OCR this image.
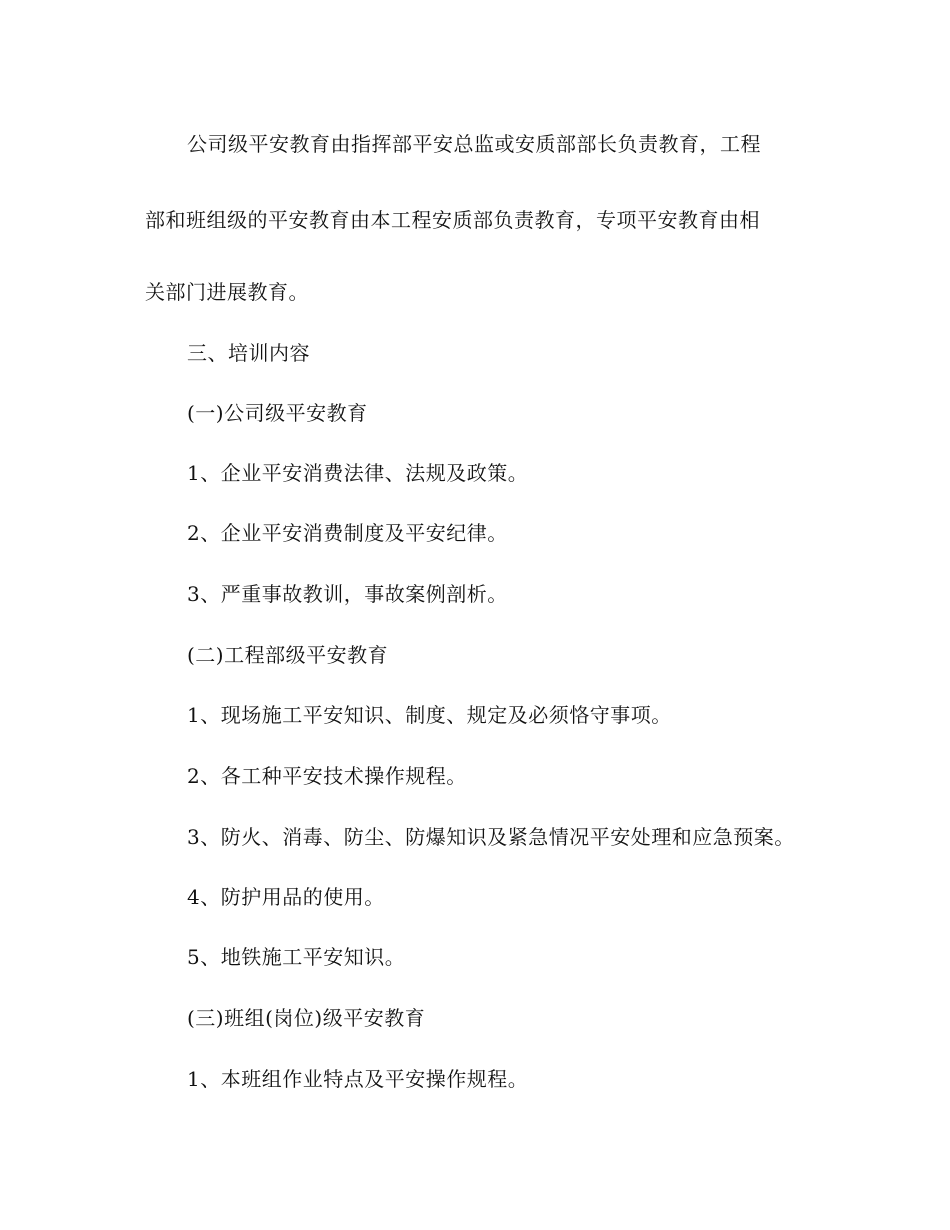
公司级平安教育由指挥部平安总监或安质部部长负责教育，工程
部和班组级的平安教育由本工程安质部负责教育，专项平安教育由相
关部门进展教育。
三、培训内容
(一)公司级平安教育
1、企业平安消费法律、法规及政策。
2、企业平安消费制度及平安纪律。
3、严重事故教训，事故案例剖析。
(二)工程部级平安教育
1、现场施工平安知识、制度、规定及必须恪守事项。
2、各工种平安技术操作规程。
3、防火、消毒、防尘、防爆知识及紧急情况平安处理和应急预案。
4、防护用品的使用。
5、地铁施工平安知识。
(三)班组(岗位)级平安教育
1、本班组作业特点及平安操作规程。
